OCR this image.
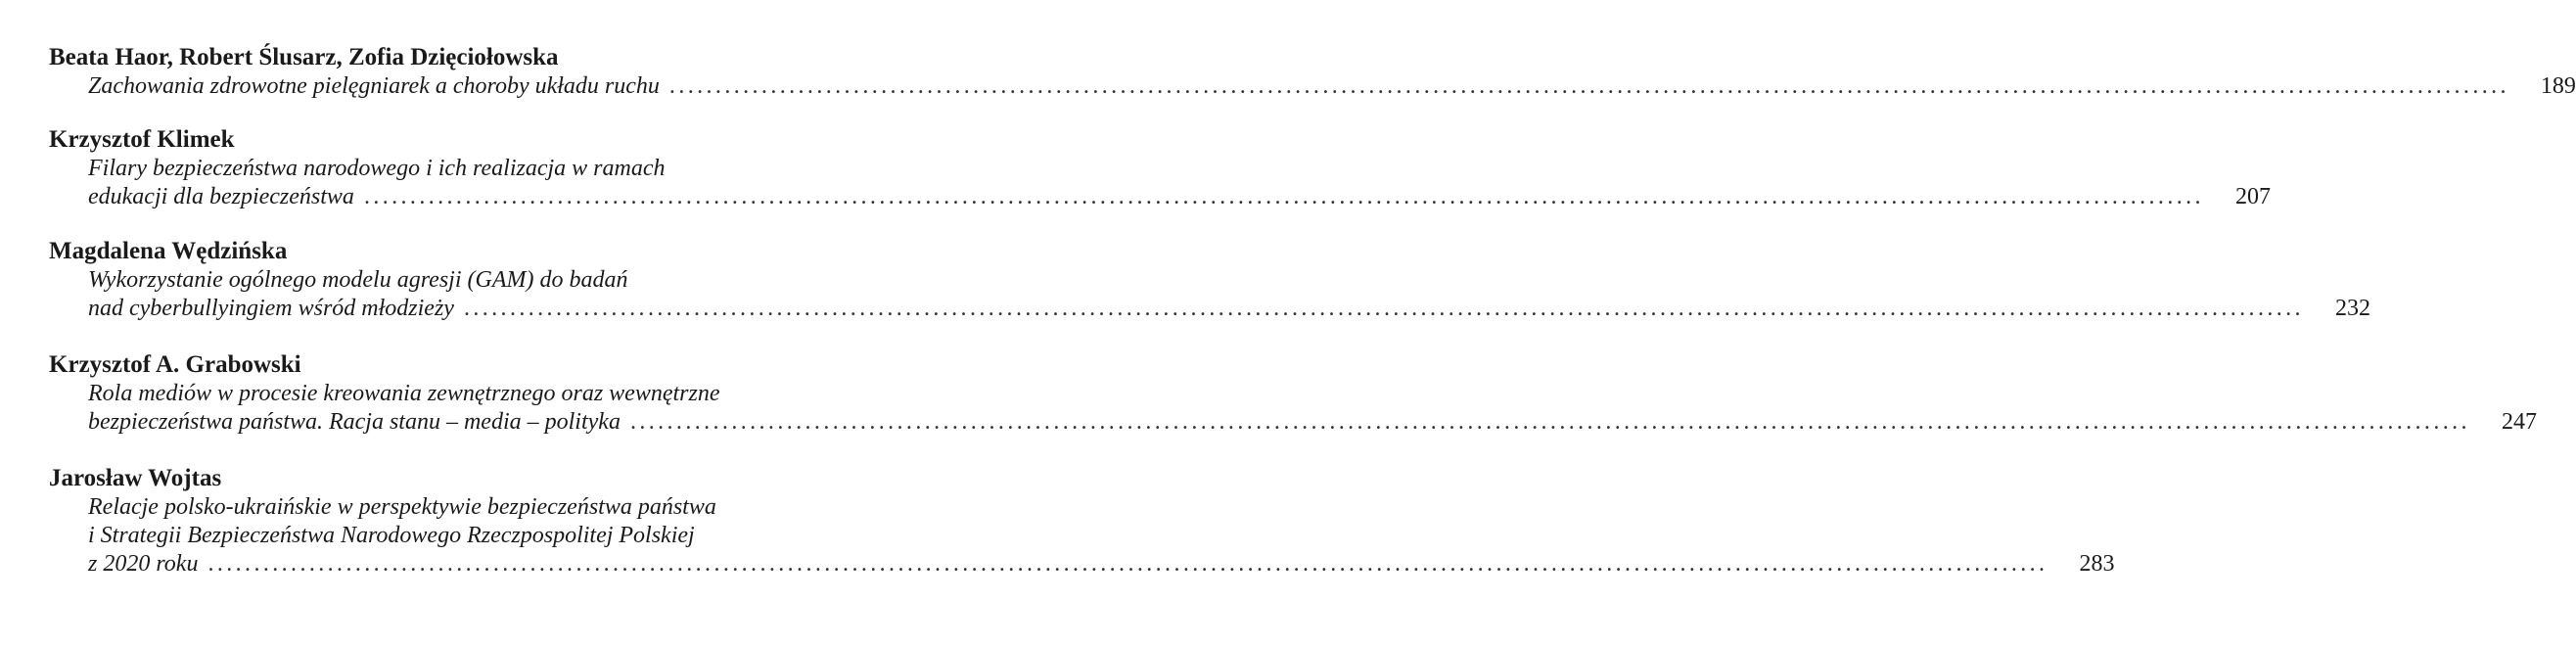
Beata Haor, Robert Ślusarz, Zofia Dzięciołowska
Zachowania zdrowotne pielęgniarek a choroby układu ruchu ........................................................................................................................................................................................................	189
Krzysztof Klimek
Filary bezpieczeństwa narodowego i ich realizacja w ramach
edukacji dla bezpieczeństwa ........................................................................................................................................................................................................	207
Magdalena Wędzińska
Wykorzystanie ogólnego modelu agresji (GAM) do badań
nad cyberbullyingiem wśród młodzieży ........................................................................................................................................................................................................	232
Krzysztof A. Grabowski
Rola mediów w procesie kreowania zewnętrznego oraz wewnętrzne
bezpieczeństwa państwa. Racja stanu – media – polityka ........................................................................................................................................................................................................	247
Jarosław Wojtas
Relacje polsko-ukraińskie w perspektywie bezpieczeństwa państwa
i Strategii Bezpieczeństwa Narodowego Rzeczpospolitej Polskiej
z 2020 roku ........................................................................................................................................................................................................	283
